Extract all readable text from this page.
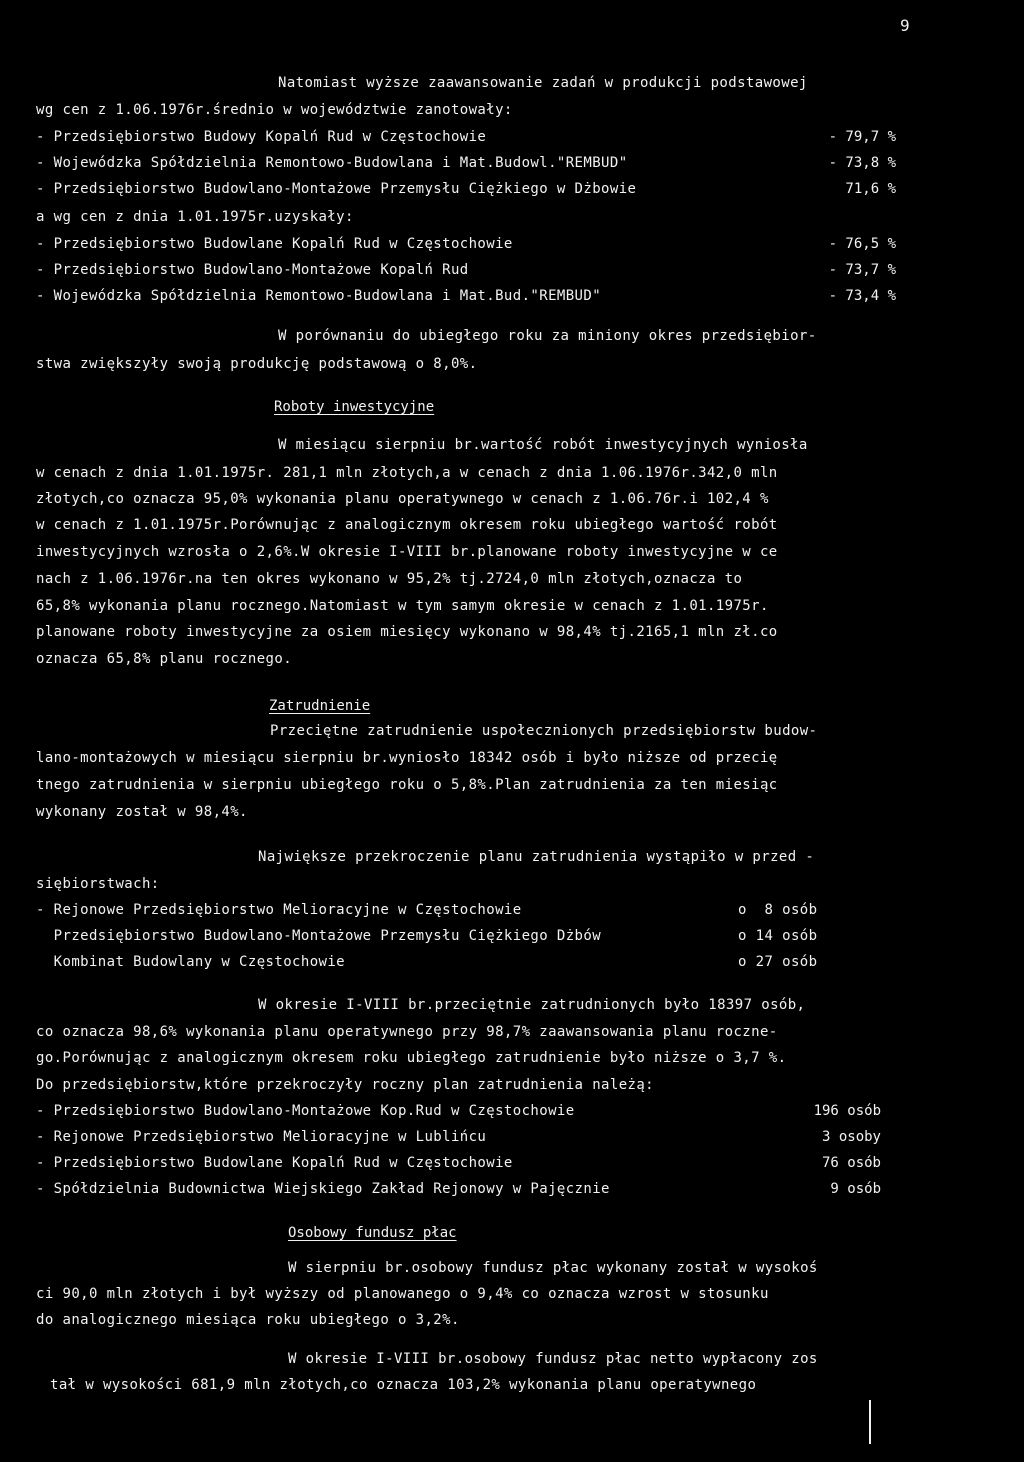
9
Natomiast wyższe zaawansowanie zadań w produkcji podstawowej
wg cen z 1.06.1976r.średnio w województwie zanotowały:
- Przedsiębiorstwo Budowy Kopalń Rud w Częstochowie	- 79,7 %
- Wojewódzka Spółdzielnia Remontowo-Budowlana i Mat.Budowl."REMBUD"	- 73,8 %
- Przedsiębiorstwo Budowlano-Montażowe Przemysłu Ciężkiego w Dżbowie	71,6 %
a wg cen z dnia 1.01.1975r.uzyskały:
- Przedsiębiorstwo Budowlane Kopalń Rud w Częstochowie	- 76,5 %
- Przedsiębiorstwo Budowlano-Montażowe Kopalń Rud	- 73,7 %
- Wojewódzka Spółdzielnia Remontowo-Budowlana i Mat.Bud."REMBUD"	- 73,4 %
W porównaniu do ubiegłego roku za miniony okres przedsiębior-
stwa zwiększyły swoją produkcję podstawową o 8,0%.
Roboty inwestycyjne
W miesiącu sierpniu br.wartość robót inwestycyjnych wyniosła
w cenach z dnia 1.01.1975r. 281,1 mln złotych,a w cenach z dnia 1.06.1976r.342,0 mln
złotych,co oznacza 95,0% wykonania planu operatywnego w cenach z 1.06.76r.i 102,4 %
w cenach z 1.01.1975r.Porównując z analogicznym okresem roku ubiegłego wartość robót
inwestycyjnych wzrosła o 2,6%.W okresie I-VIII br.planowane roboty inwestycyjne w ce
nach z 1.06.1976r.na ten okres wykonano w 95,2% tj.2724,0 mln złotych,oznacza to
65,8% wykonania planu rocznego.Natomiast w tym samym okresie w cenach z 1.01.1975r.
planowane roboty inwestycyjne za osiem miesięcy wykonano w 98,4% tj.2165,1 mln zł.co
oznacza 65,8% planu rocznego.
Zatrudnienie
Przeciętne zatrudnienie uspołecznionych przedsiębiorstw budow-
lano-montażowych w miesiącu sierpniu br.wyniosło 18342 osób i było niższe od przecię
tnego zatrudnienia w sierpniu ubiegłego roku o 5,8%.Plan zatrudnienia za ten miesiąc
wykonany został w 98,4%.
Największe przekroczenie planu zatrudnienia wystąpiło w przed -
siębiorstwach:
- Rejonowe Przedsiębiorstwo Melioracyjne w Częstochowie	o  8 osób
Przedsiębiorstwo Budowlano-Montażowe Przemysłu Ciężkiego Dżbów	o 14 osób
Kombinat Budowlany w Częstochowie	o 27 osób
W okresie I-VIII br.przeciętnie zatrudnionych było 18397 osób,
co oznacza 98,6% wykonania planu operatywnego przy 98,7% zaawansowania planu roczne-
go.Porównując z analogicznym okresem roku ubiegłego zatrudnienie było niższe o 3,7 %.
Do przedsiębiorstw,które przekroczyły roczny plan zatrudnienia należą:
- Przedsiębiorstwo Budowlano-Montażowe Kop.Rud w Częstochowie	196 osób
- Rejonowe Przedsiębiorstwo Melioracyjne w Lublińcu	3 osoby
- Przedsiębiorstwo Budowlane Kopalń Rud w Częstochowie	76 osób
- Spółdzielnia Budownictwa Wiejskiego Zakład Rejonowy w Pajęcznie	9 osób
Osobowy fundusz płac
W sierpniu br.osobowy fundusz płac wykonany został w wysokoś
ci 90,0 mln złotych i był wyższy od planowanego o 9,4% co oznacza wzrost w stosunku
do analogicznego miesiąca roku ubiegłego o 3,2%.
W okresie I-VIII br.osobowy fundusz płac netto wypłacony zos
tał w wysokości 681,9 mln złotych,co oznacza 103,2% wykonania planu operatywnego
